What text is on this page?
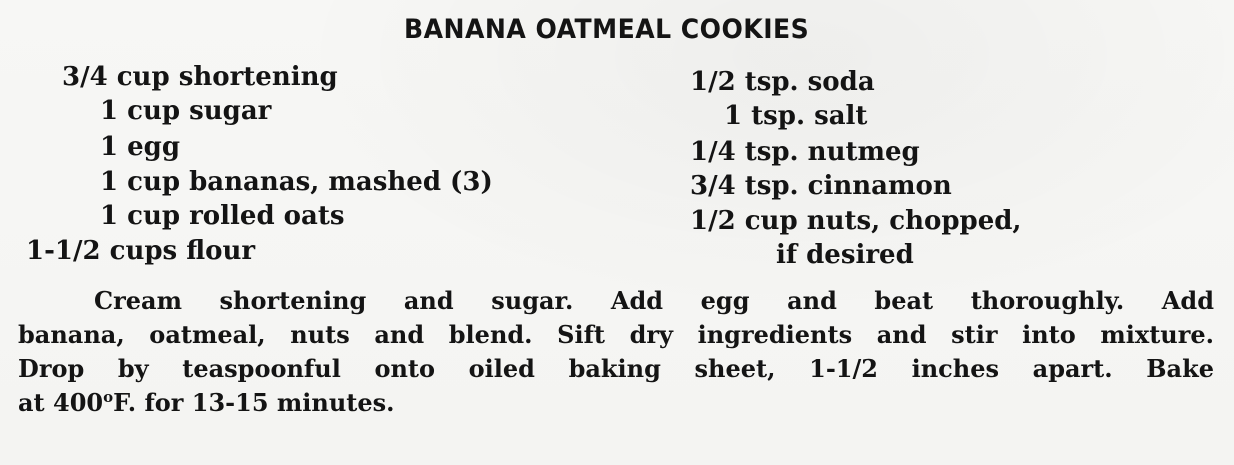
BANANA OATMEAL COOKIES
3/4 cup shortening
1 cup sugar
1 egg
1 cup bananas, mashed (3)
1 cup rolled oats
1-1/2 cups flour
1/2 tsp. soda
1 tsp. salt
1/4 tsp. nutmeg
3/4 tsp. cinnamon
1/2 cup nuts, chopped,
if desired
Cream shortening and sugar. Add egg and beat thoroughly. Add
banana, oatmeal, nuts and blend. Sift dry ingredients and stir into mixture.
Drop by teaspoonful onto oiled baking sheet, 1-1/2 inches apart. Bake
at 400$^o$F. for 13-15 minutes.
